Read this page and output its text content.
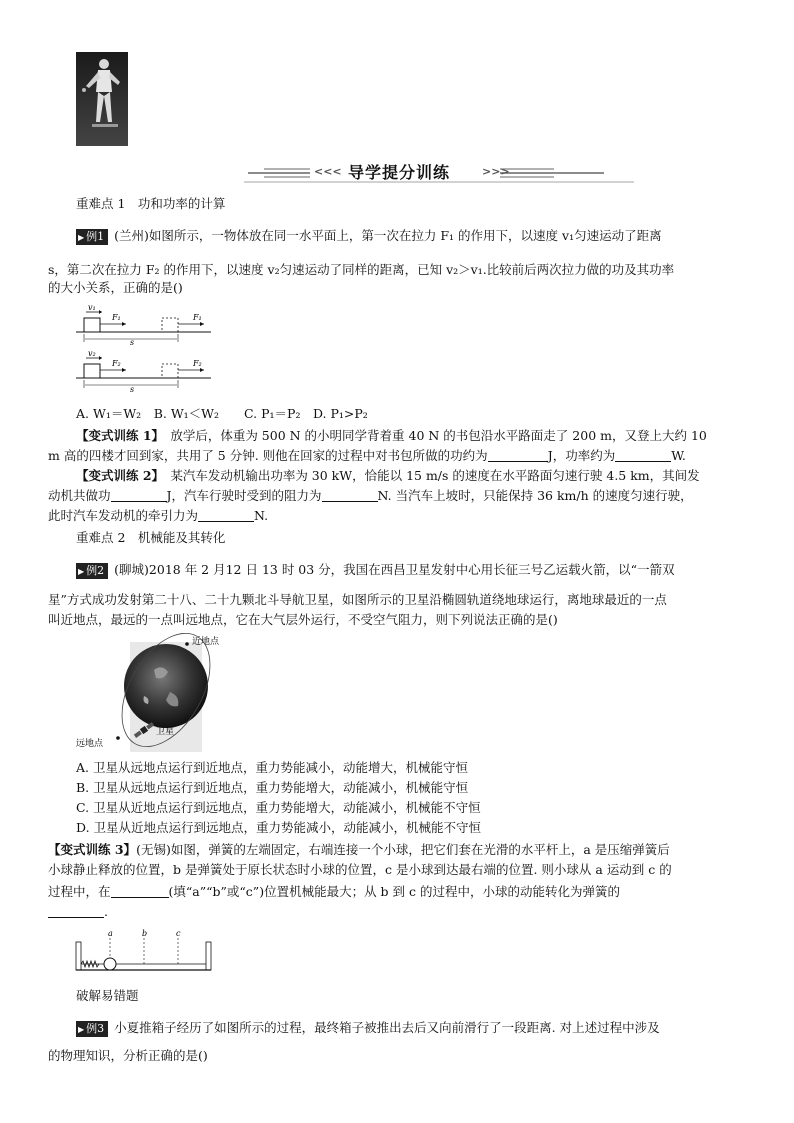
<<< 导学提分训练	>>>
重难点 1　功和功率的计算
▶ 例1 (兰州)如图所示，一物体放在同一水平面上，第一次在拉力 F₁ 的作用下，以速度 v₁匀速运动了距离
s，第二次在拉力 F₂ 的作用下，以速度 v₂匀速运动了同样的距离，已知 v₂＞v₁.比较前后两次拉力做的功及其功率
的大小关系，正确的是()
v₁
F₁	F₁
s
v₂
F₂	F₂
s
A. W₁＝W₂　B. W₁＜W₂　　C. P₁＝P₂　D. P₁>P₂
【变式训练 1】　 放学后，体重为 500 N 的小明同学背着重 40 N 的书包沿水平路面走了 200 m，又登上大约 10
m 高的四楼才回到家，共用了 5 分钟. 则他在回家的过程中对书包所做的功约为	J，功率约为	W.
【变式训练 2】　 某汽车发动机输出功率为 30 kW，恰能以 15 m/s 的速度在水平路面匀速行驶 4.5 km，其间发
动机共做功	J，汽车行驶时受到的阻力为	N. 当汽车上坡时，只能保持 36 km/h 的速度匀速行驶，
此时汽车发动机的牵引力为	N.
重难点 2　机械能及其转化
▶ 例2 (聊城)2018 年 2 月12 日 13 时 03 分，我国在西昌卫星发射中心用长征三号乙运载火箭，以“一箭双
星”方式成功发射第二十八、二十九颗北斗导航卫星，如图所示的卫星沿椭圆轨道绕地球运行，离地球最近的一点
叫近地点，最远的一点叫远地点，它在大气层外运行，不受空气阻力，则下列说法正确的是()
近地点
远地点
卫星
A. 卫星从远地点运行到近地点，重力势能减小，动能增大，机械能守恒
B. 卫星从远地点运行到近地点，重力势能增大，动能减小，机械能守恒
C. 卫星从近地点运行到远地点，重力势能增大，动能减小，机械能不守恒
D. 卫星从近地点运行到远地点，重力势能减小，动能减小，机械能不守恒
【变式训练 3】(无锡)如图，弹簧的左端固定，右端连接一个小球，把它们套在光滑的水平杆上，a 是压缩弹簧后
小球静止释放的位置，b 是弹簧处于原长状态时小球的位置，c 是小球到达最右端的位置. 则小球从 a 运动到 c 的
过程中，在	(填“a”“b”或“c”)位置机械能最大；从 b 到 c 的过程中，小球的动能转化为弹簧的
.
a	b	c
破解易错题
▶ 例3 小夏推箱子经历了如图所示的过程，最终箱子被推出去后又向前滑行了一段距离. 对上述过程中涉及
的物理知识，分析正确的是()
